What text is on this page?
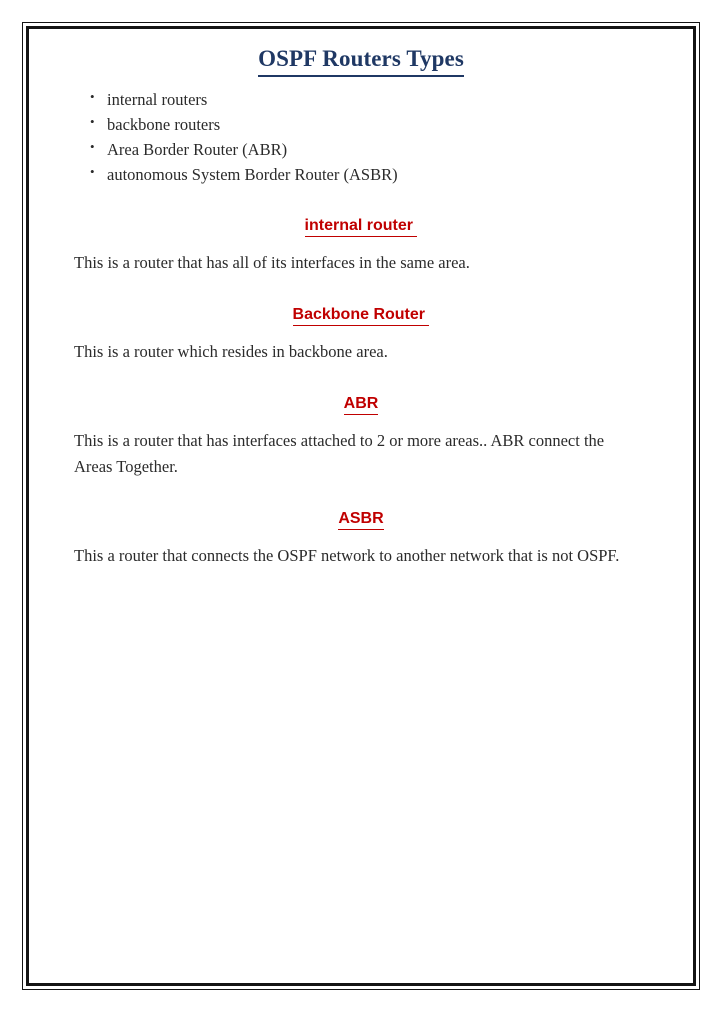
OSPF Routers Types
• internal routers
• backbone routers
• Area Border Router (ABR)
• autonomous System Border Router (ASBR)
internal router

This is a router that has all of its interfaces in the same area.

Backbone Router

This is a router which resides in backbone area.

ABR

This is a router that has interfaces attached to 2 or more areas.. ABR connect the Areas Together.

ASBR

This a router that connects the OSPF network to another network that is not OSPF.
